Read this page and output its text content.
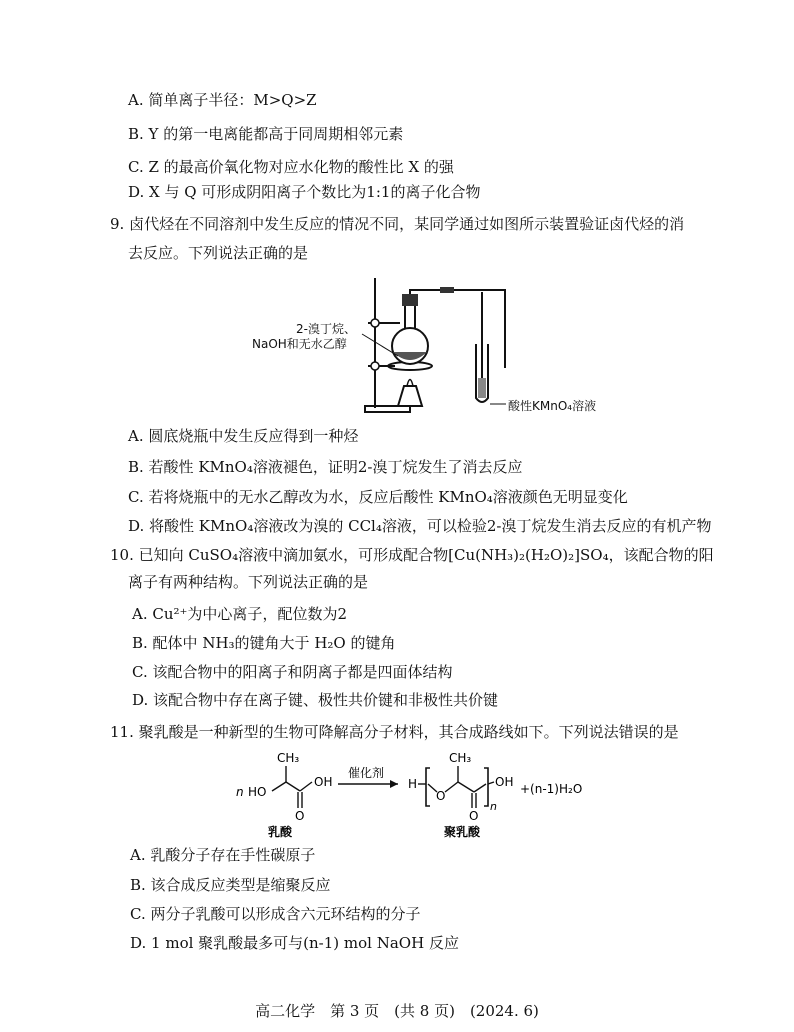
A. 简单离子半径：M>Q>Z
B. Y 的第一电离能都高于同周期相邻元素
C. Z 的最高价氧化物对应水化物的酸性比 X 的强
D. X 与 Q 可形成阴阳离子个数比为1:1的离子化合物
9. 卤代烃在不同溶剂中发生反应的情况不同，某同学通过如图所示装置验证卤代烃的消
去反应。下列说法正确的是
2-溴丁烷、
NaOH和无水乙醇
酸性KMnO₄溶液
A. 圆底烧瓶中发生反应得到一种烃
B. 若酸性 KMnO₄溶液褪色，证明2-溴丁烷发生了消去反应
C. 若将烧瓶中的无水乙醇改为水，反应后酸性 KMnO₄溶液颜色无明显变化
D. 将酸性 KMnO₄溶液改为溴的 CCl₄溶液，可以检验2-溴丁烷发生消去反应的有机产物
10. 已知向 CuSO₄溶液中滴加氨水，可形成配合物[Cu(NH₃)₂(H₂O)₂]SO₄，该配合物的阳
离子有两种结构。下列说法正确的是
A. Cu²⁺为中心离子，配位数为2
B. 配体中 NH₃的键角大于 H₂O 的键角
C. 该配合物中的阳离子和阴离子都是四面体结构
D. 该配合物中存在离子键、极性共价键和非极性共价键
11. 聚乳酸是一种新型的生物可降解高分子材料，其合成路线如下。下列说法错误的是
n HO
CH₃
OH
O
乳酸
催化剂
H
O
CH₃
O
n
OH +(n-1)H₂O
聚乳酸
A. 乳酸分子存在手性碳原子
B. 该合成反应类型是缩聚反应
C. 两分子乳酸可以形成含六元环结构的分子
D. 1 mol 聚乳酸最多可与(n-1) mol NaOH 反应
高二化学　第 3 页　(共 8 页)　(2024. 6)
